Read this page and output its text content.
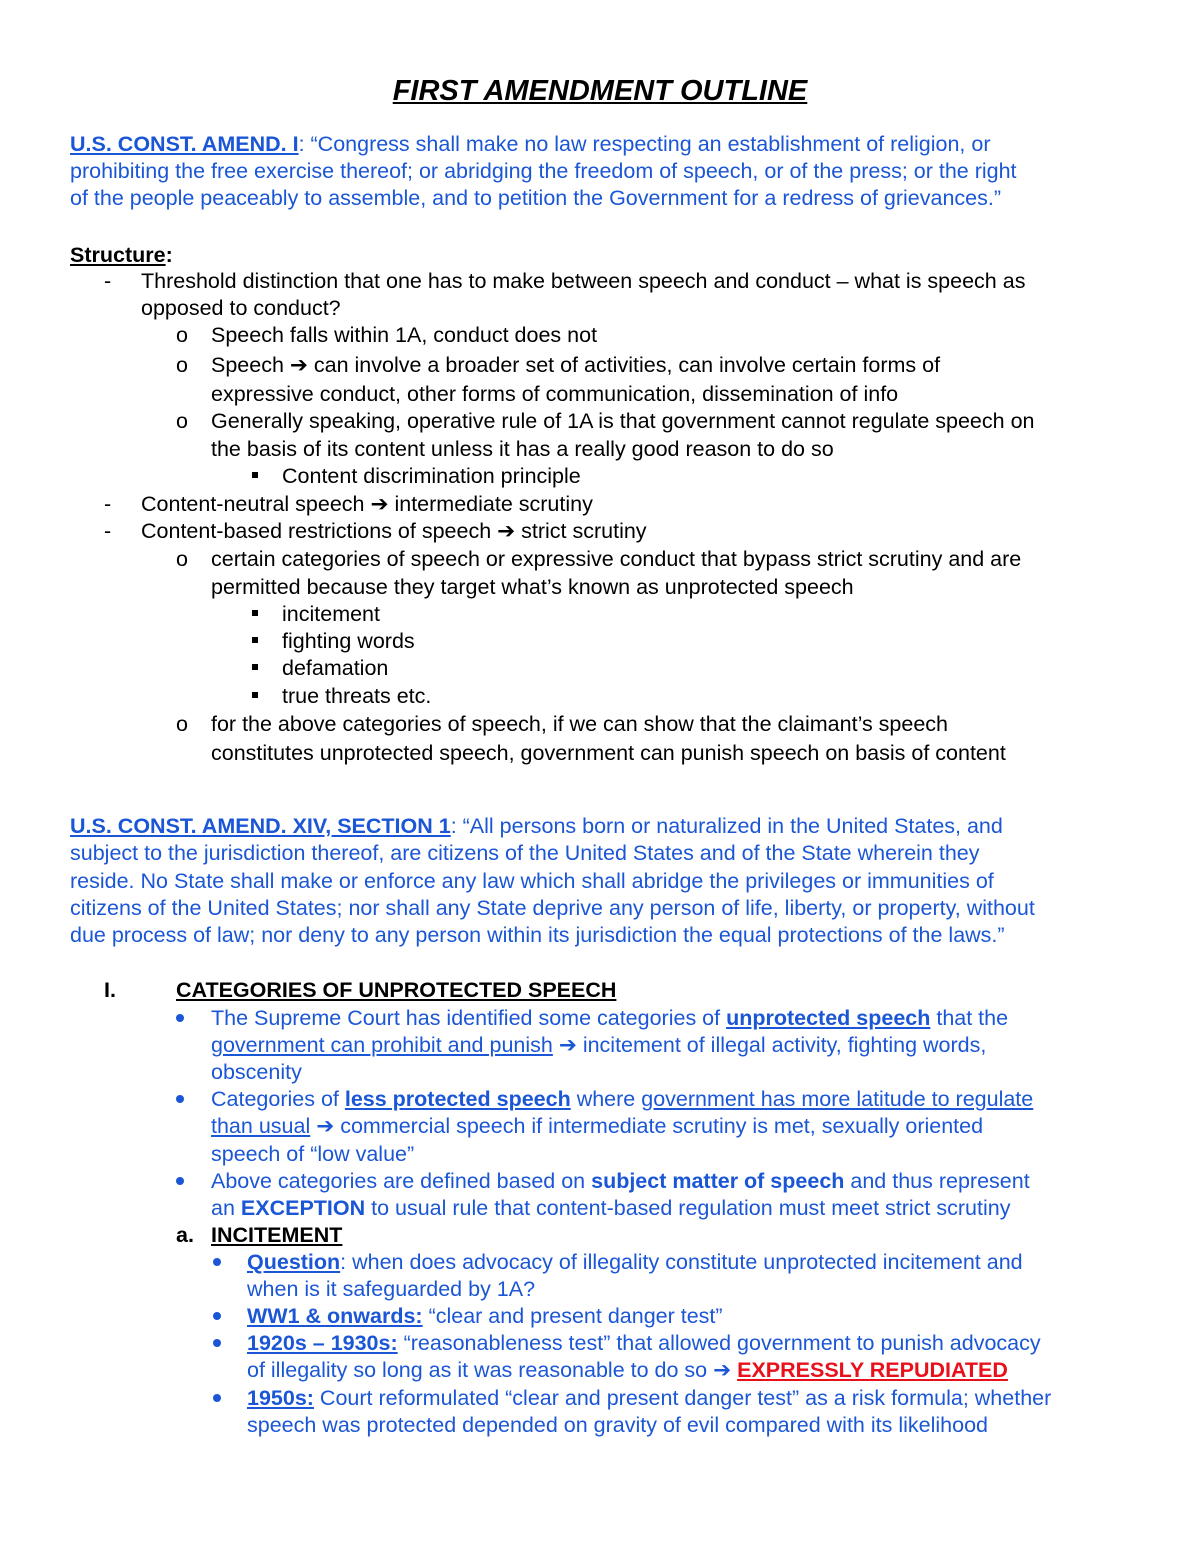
FIRST AMENDMENT OUTLINE
U.S. CONST. AMEND. I: “Congress shall make no law respecting an establishment of religion, or
prohibiting the free exercise thereof; or abridging the freedom of speech, or of the press; or the right
of the people peaceably to assemble, and to petition the Government for a redress of grievances.”
Structure:
- Threshold distinction that one has to make between speech and conduct – what is speech as
opposed to conduct?
o Speech falls within 1A, conduct does not
o Speech ➔ can involve a broader set of activities, can involve certain forms of
expressive conduct, other forms of communication, dissemination of info
o Generally speaking, operative rule of 1A is that government cannot regulate speech on
the basis of its content unless it has a really good reason to do so
Content discrimination principle
- Content-neutral speech ➔ intermediate scrutiny
- Content-based restrictions of speech ➔ strict scrutiny
o certain categories of speech or expressive conduct that bypass strict scrutiny and are
permitted because they target what’s known as unprotected speech
incitement
fighting words
defamation
true threats etc.
o for the above categories of speech, if we can show that the claimant’s speech
constitutes unprotected speech, government can punish speech on basis of content
U.S. CONST. AMEND. XIV, SECTION 1: “All persons born or naturalized in the United States, and
subject to the jurisdiction thereof, are citizens of the United States and of the State wherein they
reside. No State shall make or enforce any law which shall abridge the privileges or immunities of
citizens of the United States; nor shall any State deprive any person of life, liberty, or property, without
due process of law; nor deny to any person within its jurisdiction the equal protections of the laws.”
I.	CATEGORIES OF UNPROTECTED SPEECH
The Supreme Court has identified some categories of unprotected speech that the
government can prohibit and punish ➔ incitement of illegal activity, fighting words,
obscenity
Categories of less protected speech where government has more latitude to regulate
than usual ➔ commercial speech if intermediate scrutiny is met, sexually oriented
speech of “low value”
Above categories are defined based on subject matter of speech and thus represent
an EXCEPTION to usual rule that content-based regulation must meet strict scrutiny
a. INCITEMENT
Question: when does advocacy of illegality constitute unprotected incitement and
when is it safeguarded by 1A?
WW1 & onwards: “clear and present danger test”
1920s – 1930s: “reasonableness test” that allowed government to punish advocacy
of illegality so long as it was reasonable to do so ➔ EXPRESSLY REPUDIATED
1950s: Court reformulated “clear and present danger test” as a risk formula; whether
speech was protected depended on gravity of evil compared with its likelihood
